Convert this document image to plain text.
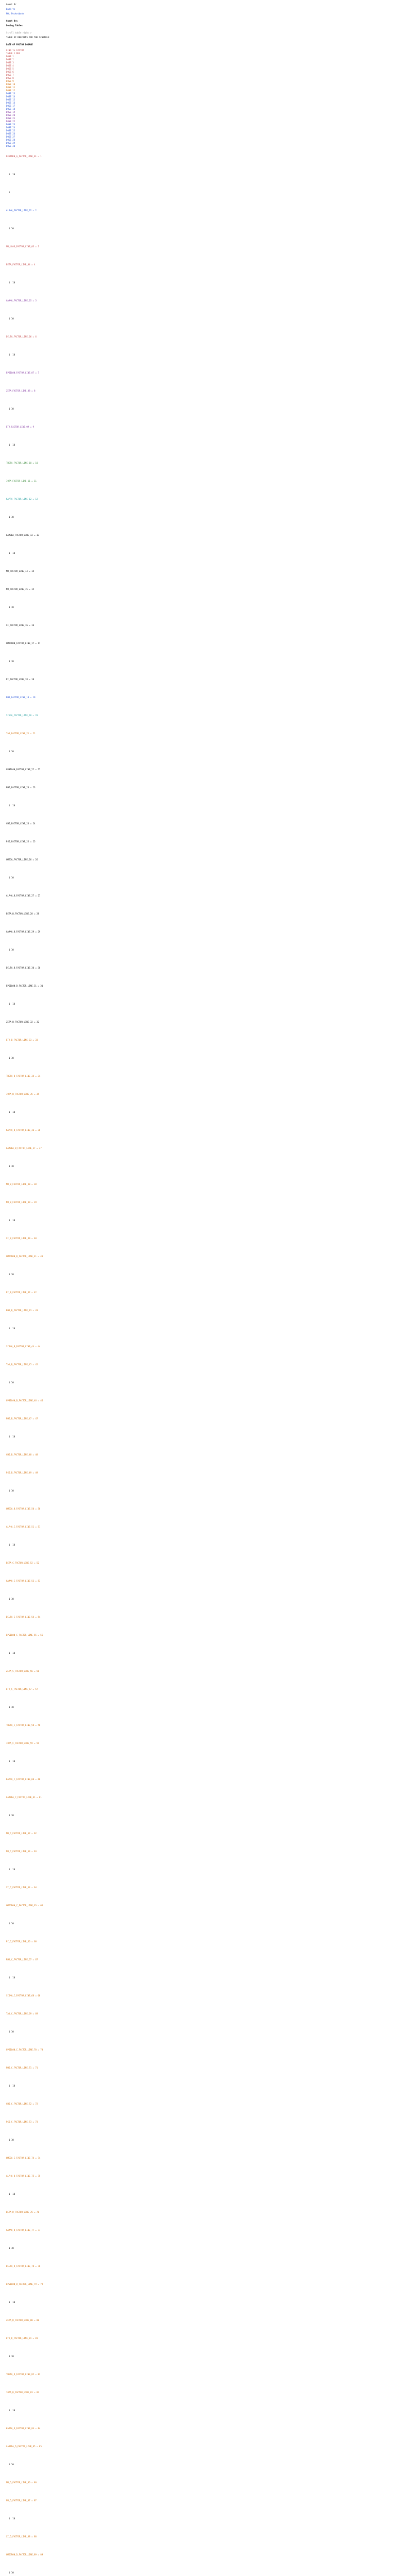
Guest Dr
Back to
MOL Pocketbook
Guest Drs
Dosing Tables
Scroll table right >
TABLE OF REGIMENS FOR THE SCHEDULE
DATE OF FACTOR DOSAGE
LINK to FACTOR
TABLE 1 REG
DOSE 1
DOSE 2
DOSE 3
DOSE 4
DOSE 5
DOSE 6
DOSE 7
DOSE 8
DOSE 9
DOSE 10
DOSE 11
DOSE 12
DOSE 13
DOSE 14
DOSE 15
DOSE 16
DOSE 17
DOSE 18
DOSE 19
DOSE 20
DOSE 21
DOSE 22
DOSE 23
DOSE 24
DOSE 25
DOSE 26
DOSE 27
DOSE 28
DOSE 29
DOSE 30
REGIMEN_A_FACTOR_LINE_01 = 1
1  10
1
ALPHA_FACTOR_LINE_02 = 2
1 10
MU_LOAD_FACTOR_LINE_03 = 3
BETA_FACTOR_LINE_04 = 4
1  10
GAMMA_FACTOR_LINE_05 = 5
1 10
DELTA_FACTOR_LINE_06 = 6
1  10
EPSILON_FACTOR_LINE_07 = 7
ZETA_FACTOR_LINE_08 = 8
1 10
ETA_FACTOR_LINE_09 = 9
1  10
THETA_FACTOR_LINE_10 = 10
IOTA_FACTOR_LINE_11 = 11
KAPPA_FACTOR_LINE_12 = 12
1 10
LAMBDA_FACTOR_LINE_13 = 13
1  10
MU_FACTOR_LINE_14 = 14
NU_FACTOR_LINE_15 = 15
1 10
XI_FACTOR_LINE_16 = 16
OMICRON_FACTOR_LINE_17 = 17
1 10
PI_FACTOR_LINE_18 = 18
RHO_FACTOR_LINE_19 = 19
SIGMA_FACTOR_LINE_20 = 20
TAU_FACTOR_LINE_21 = 21
1 10
UPSILON_FACTOR_LINE_22 = 22
PHI_FACTOR_LINE_23 = 23
1  10
CHI_FACTOR_LINE_24 = 24
PSI_FACTOR_LINE_25 = 25
OMEGA_FACTOR_LINE_26 = 26
1 10
ALPHA_B_FACTOR_LINE_27 = 27
BETA_B_FACTOR_LINE_28 = 28
GAMMA_B_FACTOR_LINE_29 = 29
1 10
DELTA_B_FACTOR_LINE_30 = 30
EPSILON_B_FACTOR_LINE_31 = 31
1  10
ZETA_B_FACTOR_LINE_32 = 32
ETA_B_FACTOR_LINE_33 = 33
1 10
THETA_B_FACTOR_LINE_34 = 34
IOTA_B_FACTOR_LINE_35 = 35
1  10
KAPPA_B_FACTOR_LINE_36 = 36
LAMBDA_B_FACTOR_LINE_37 = 37
1 10
MU_B_FACTOR_LINE_38 = 38
NU_B_FACTOR_LINE_39 = 39
1  10
XI_B_FACTOR_LINE_40 = 40
OMICRON_B_FACTOR_LINE_41 = 41
1 10
PI_B_FACTOR_LINE_42 = 42
RHO_B_FACTOR_LINE_43 = 43
1  10
SIGMA_B_FACTOR_LINE_44 = 44
TAU_B_FACTOR_LINE_45 = 45
1 10
UPSILON_B_FACTOR_LINE_46 = 46
PHI_B_FACTOR_LINE_47 = 47
1  10
CHI_B_FACTOR_LINE_48 = 48
PSI_B_FACTOR_LINE_49 = 49
1 10
OMEGA_B_FACTOR_LINE_50 = 50
ALPHA_C_FACTOR_LINE_51 = 51
1  10
BETA_C_FACTOR_LINE_52 = 52
GAMMA_C_FACTOR_LINE_53 = 53
1 10
DELTA_C_FACTOR_LINE_54 = 54
EPSILON_C_FACTOR_LINE_55 = 55
1  10
ZETA_C_FACTOR_LINE_56 = 56
ETA_C_FACTOR_LINE_57 = 57
1 10
THETA_C_FACTOR_LINE_58 = 58
IOTA_C_FACTOR_LINE_59 = 59
1  10
KAPPA_C_FACTOR_LINE_60 = 60
LAMBDA_C_FACTOR_LINE_61 = 61
1 10
MU_C_FACTOR_LINE_62 = 62
NU_C_FACTOR_LINE_63 = 63
1  10
XI_C_FACTOR_LINE_64 = 64
OMICRON_C_FACTOR_LINE_65 = 65
1 10
PI_C_FACTOR_LINE_66 = 66
RHO_C_FACTOR_LINE_67 = 67
1  10
SIGMA_C_FACTOR_LINE_68 = 68
TAU_C_FACTOR_LINE_69 = 69
1 10
UPSILON_C_FACTOR_LINE_70 = 70
PHI_C_FACTOR_LINE_71 = 71
1  10
CHI_C_FACTOR_LINE_72 = 72
PSI_C_FACTOR_LINE_73 = 73
1 10
OMEGA_C_FACTOR_LINE_74 = 74
ALPHA_D_FACTOR_LINE_75 = 75
1  10
BETA_D_FACTOR_LINE_76 = 76
GAMMA_D_FACTOR_LINE_77 = 77
1 10
DELTA_D_FACTOR_LINE_78 = 78
EPSILON_D_FACTOR_LINE_79 = 79
1  10
ZETA_D_FACTOR_LINE_80 = 80
ETA_D_FACTOR_LINE_81 = 81
1 10
THETA_D_FACTOR_LINE_82 = 82
IOTA_D_FACTOR_LINE_83 = 83
1  10
KAPPA_D_FACTOR_LINE_84 = 84
LAMBDA_D_FACTOR_LINE_85 = 85
1 10
MU_D_FACTOR_LINE_86 = 86
NU_D_FACTOR_LINE_87 = 87
1  10
XI_D_FACTOR_LINE_88 = 88
OMICRON_D_FACTOR_LINE_89 = 89
1 10
